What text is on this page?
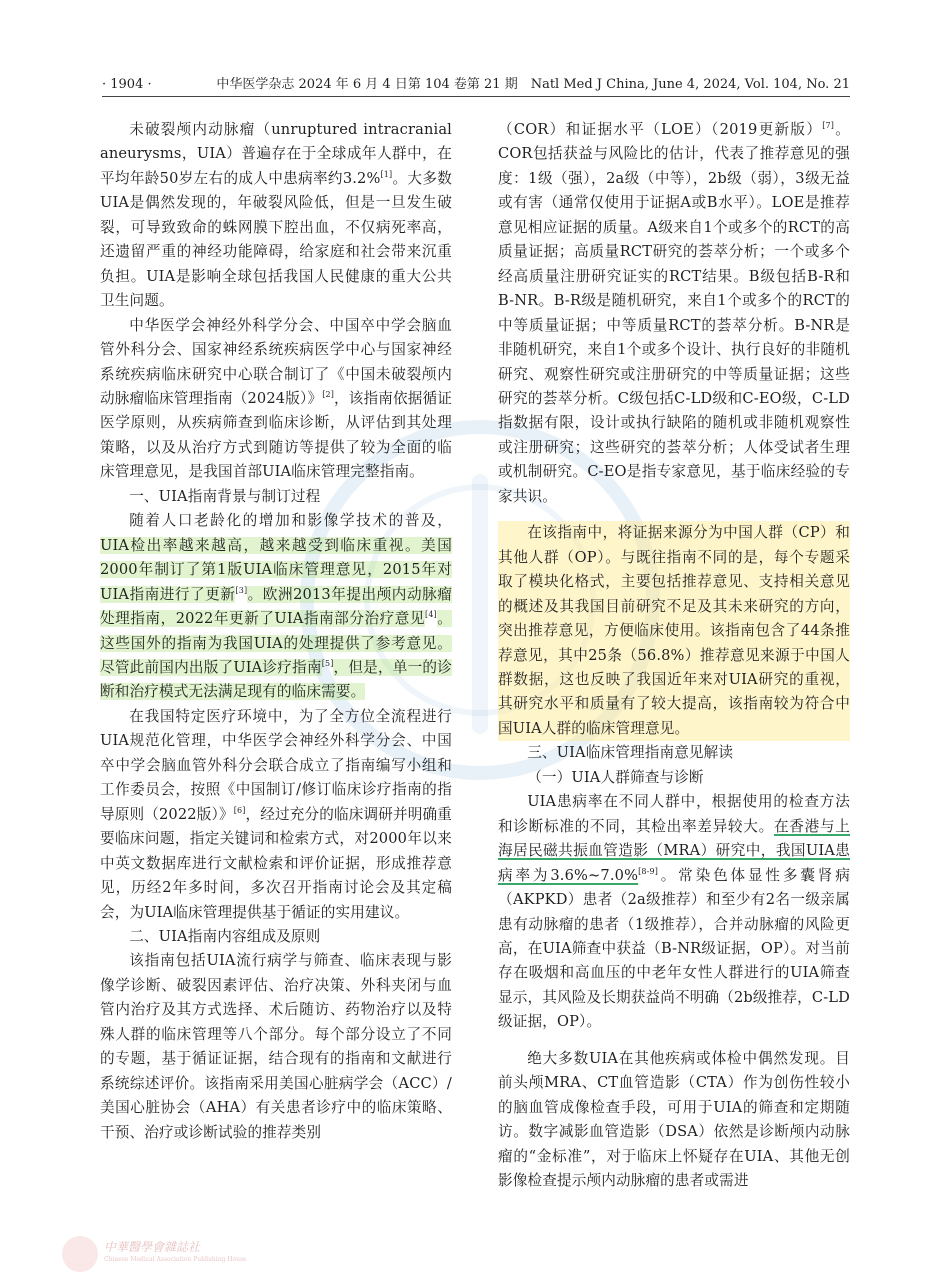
· 1904 ·	中华医学杂志 2024 年 6 月 4 日第 104 卷第 21 期　Natl Med J China, June 4, 2024, Vol. 104, No. 21

未破裂颅内动脉瘤（unruptured intracranial aneurysms，UIA）普遍存在于全球成年人群中，在平均年龄50岁左右的成人中患病率约3.2%[1]。大多数UIA是偶然发现的，年破裂风险低，但是一旦发生破裂，可导致致命的蛛网膜下腔出血，不仅病死率高，还遗留严重的神经功能障碍，给家庭和社会带来沉重负担。UIA是影响全球包括我国人民健康的重大公共卫生问题。

中华医学会神经外科学分会、中国卒中学会脑血管外科分会、国家神经系统疾病医学中心与国家神经系统疾病临床研究中心联合制订了《中国未破裂颅内动脉瘤临床管理指南（2024版）》[2]，该指南依据循证医学原则，从疾病筛查到临床诊断，从评估到其处理策略，以及从治疗方式到随访等提供了较为全面的临床管理意见，是我国首部UIA临床管理完整指南。

一、UIA指南背景与制订过程

随着人口老龄化的增加和影像学技术的普及，UIA检出率越来越高，越来越受到临床重视。美国2000年制订了第1版UIA临床管理意见，2015年对UIA指南进行了更新[3]。欧洲2013年提出颅内动脉瘤处理指南，2022年更新了UIA指南部分治疗意见[4]。这些国外的指南为我国UIA的处理提供了参考意见。尽管此前国内出版了UIA诊疗指南[5]，但是，单一的诊断和治疗模式无法满足现有的临床需要。

在我国特定医疗环境中，为了全方位全流程进行UIA规范化管理，中华医学会神经外科学分会、中国卒中学会脑血管外科分会联合成立了指南编写小组和工作委员会，按照《中国制订/修订临床诊疗指南的指导原则（2022版）》[6]，经过充分的临床调研并明确重要临床问题，指定关键词和检索方式，对2000年以来中英文数据库进行文献检索和评价证据，形成推荐意见，历经2年多时间，多次召开指南讨论会及其定稿会，为UIA临床管理提供基于循证的实用建议。

二、UIA指南内容组成及原则

该指南包括UIA流行病学与筛查、临床表现与影像学诊断、破裂因素评估、治疗决策、外科夹闭与血管内治疗及其方式选择、术后随访、药物治疗以及特殊人群的临床管理等八个部分。每个部分设立了不同的专题，基于循证证据，结合现有的指南和文献进行系统综述评价。该指南采用美国心脏病学会（ACC）/美国心脏协会（AHA）有关患者诊疗中的临床策略、干预、治疗或诊断试验的推荐类别

（COR）和证据水平（LOE）（2019更新版）[7]。COR包括获益与风险比的估计，代表了推荐意见的强度：1级（强），2a级（中等），2b级（弱），3级无益或有害（通常仅使用于证据A或B水平）。LOE是推荐意见相应证据的质量。A级来自1个或多个的RCT的高质量证据；高质量RCT研究的荟萃分析；一个或多个经高质量注册研究证实的RCT结果。B级包括B-R和B-NR。B-R级是随机研究，来自1个或多个的RCT的中等质量证据；中等质量RCT的荟萃分析。B-NR是非随机研究，来自1个或多个设计、执行良好的非随机研究、观察性研究或注册研究的中等质量证据；这些研究的荟萃分析。C级包括C-LD级和C-EO级，C-LD指数据有限，设计或执行缺陷的随机或非随机观察性或注册研究；这些研究的荟萃分析；人体受试者生理或机制研究。C-EO是指专家意见，基于临床经验的专家共识。

在该指南中，将证据来源分为中国人群（CP）和其他人群（OP）。与既往指南不同的是，每个专题采取了模块化格式，主要包括推荐意见、支持相关意见的概述及其我国目前研究不足及其未来研究的方向，突出推荐意见，方便临床使用。该指南包含了44条推荐意见，其中25条（56.8%）推荐意见来源于中国人群数据，这也反映了我国近年来对UIA研究的重视，其研究水平和质量有了较大提高，该指南较为符合中国UIA人群的临床管理意见。

三、UIA临床管理指南意见解读
（一）UIA人群筛查与诊断

UIA患病率在不同人群中，根据使用的检查方法和诊断标准的不同，其检出率差异较大。在香港与上海居民磁共振血管造影（MRA）研究中，我国UIA患病率为3.6%~7.0%[8-9]。常染色体显性多囊肾病（AKPKD）患者（2a级推荐）和至少有2名一级亲属患有动脉瘤的患者（1级推荐），合并动脉瘤的风险更高，在UIA筛查中获益（B-NR级证据，OP）。对当前存在吸烟和高血压的中老年女性人群进行的UIA筛查显示，其风险及长期获益尚不明确（2b级推荐，C-LD级证据，OP）。

绝大多数UIA在其他疾病或体检中偶然发现。目前头颅MRA、CT血管造影（CTA）作为创伤性较小的脑血管成像检查手段，可用于UIA的筛查和定期随访。数字减影血管造影（DSA）依然是诊断颅内动脉瘤的“金标准”，对于临床上怀疑存在UIA、其他无创影像检查提示颅内动脉瘤的患者或需进

中華醫學會雜誌社
Chinese Medical Association Publishing House
